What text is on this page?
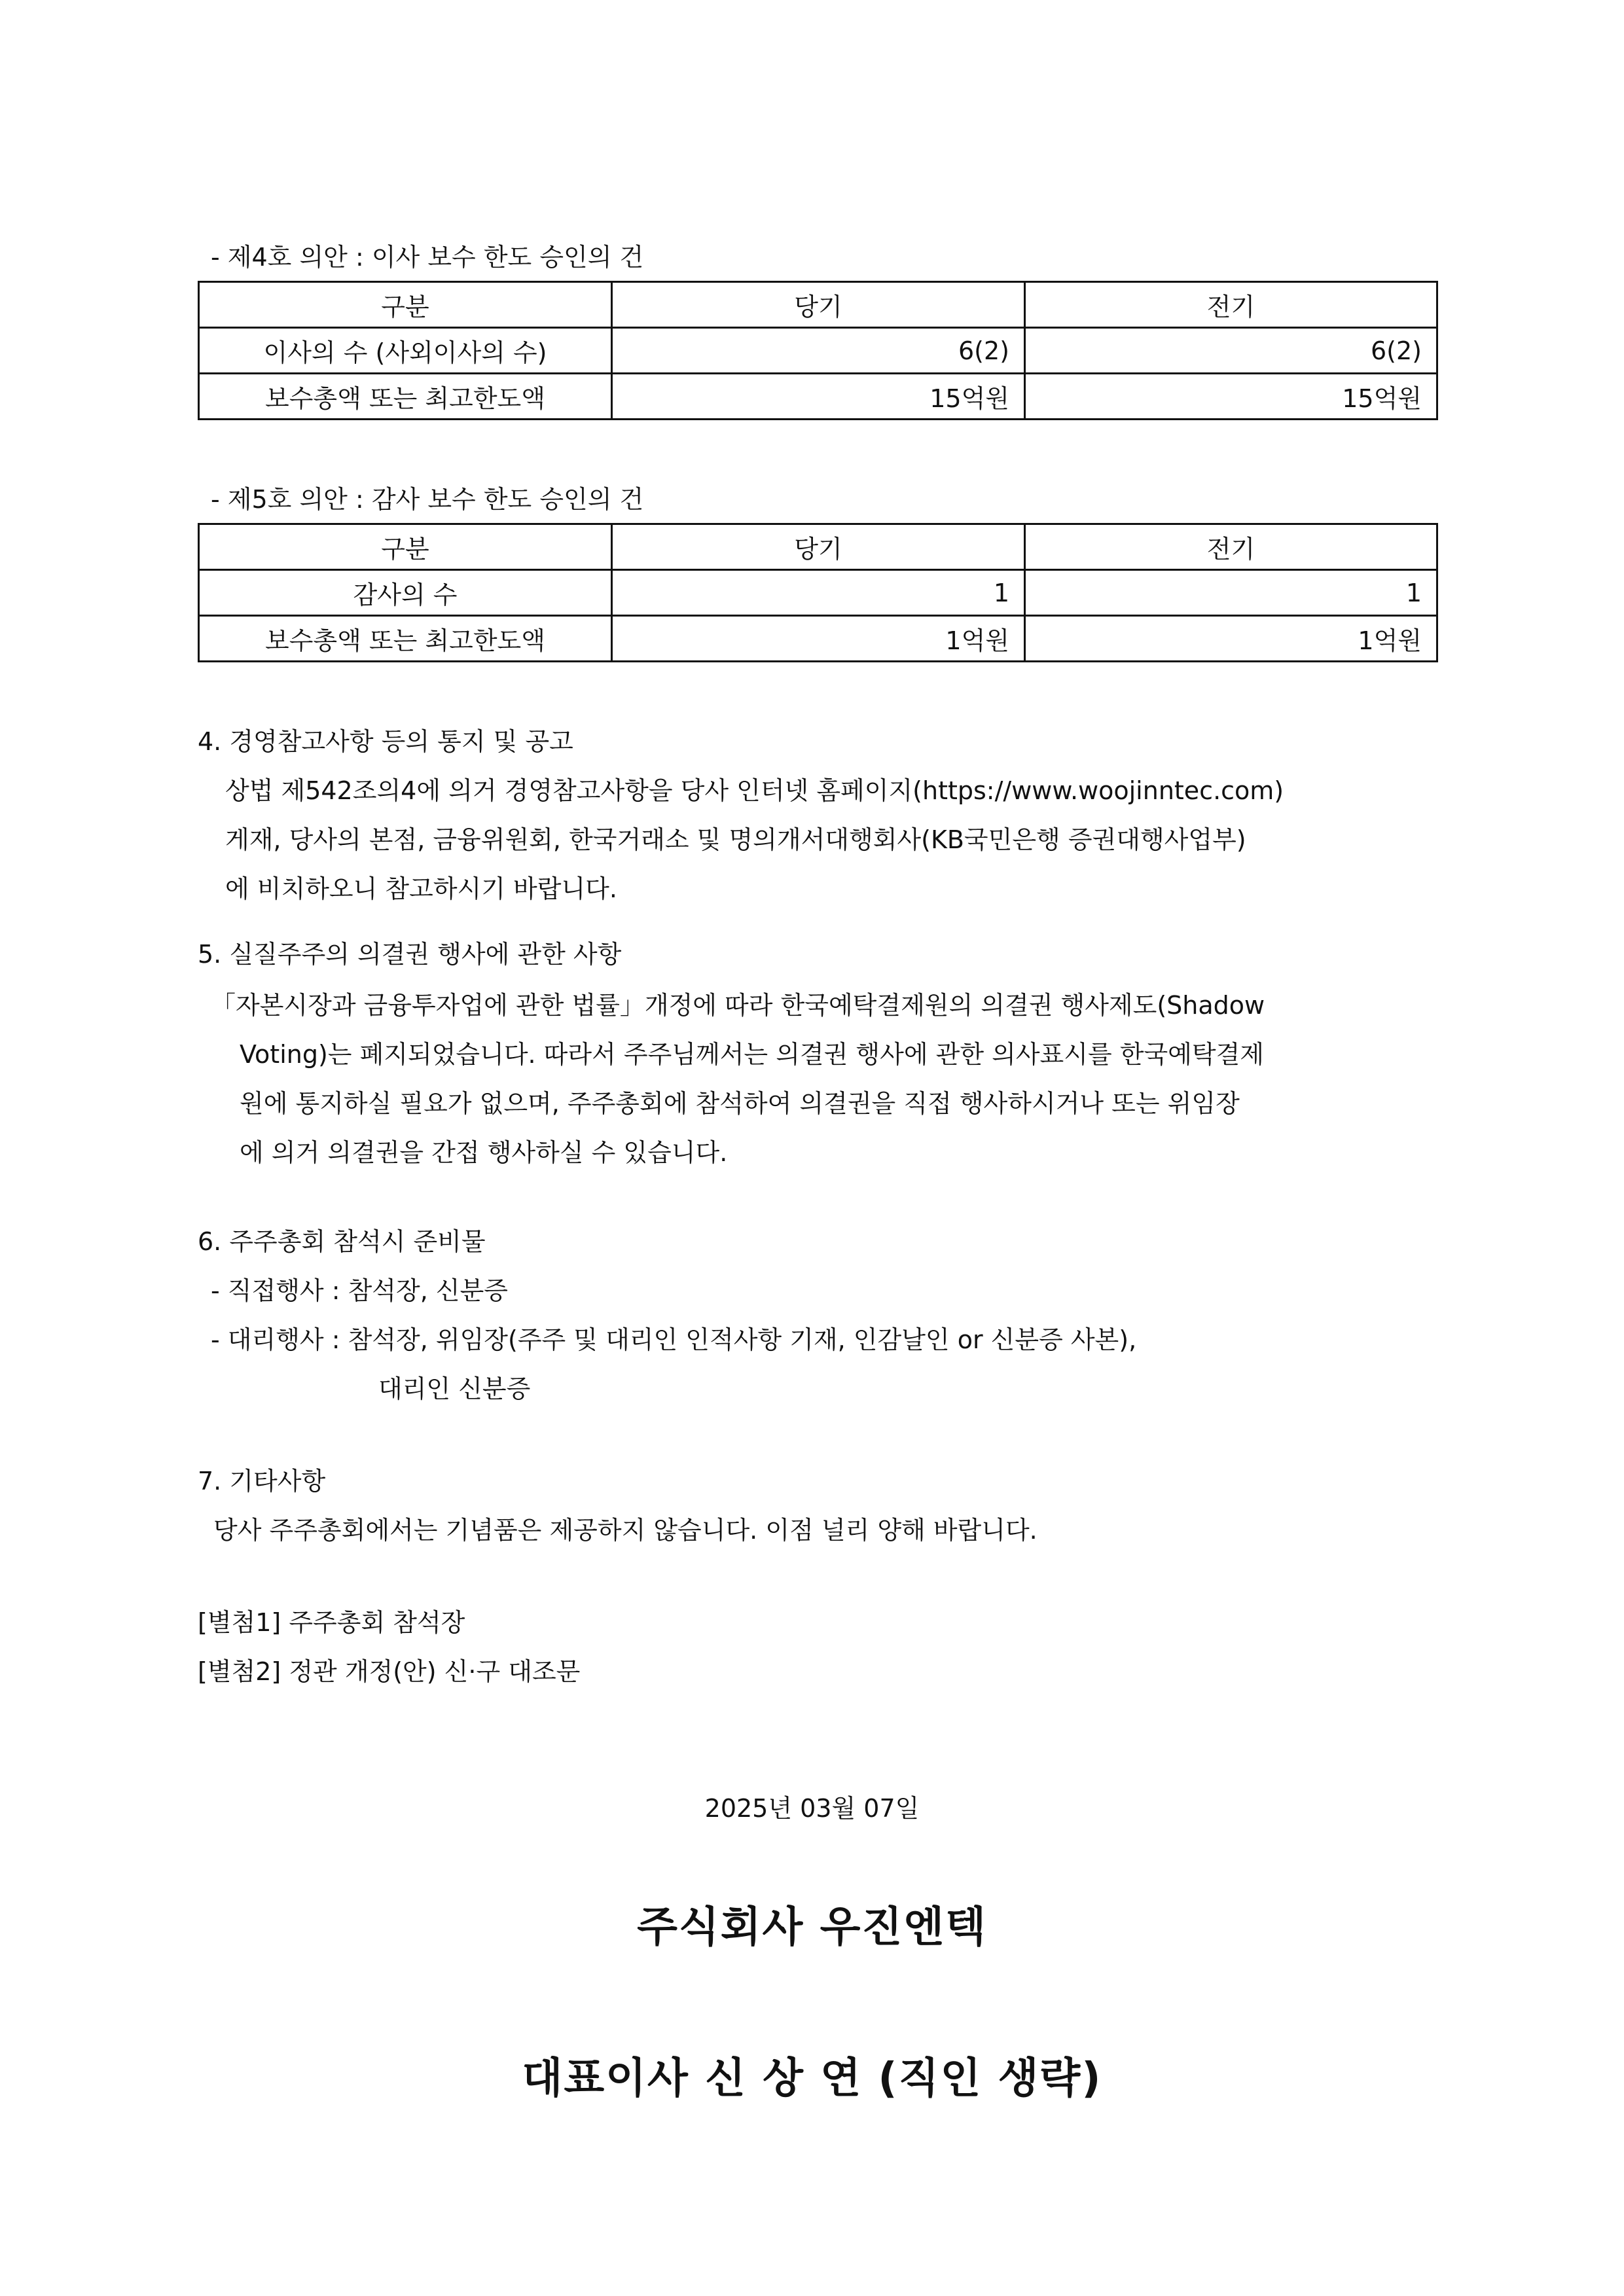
- 제4호 의안 : 이사 보수 한도 승인의 건
구분	당기	전기
이사의 수 (사외이사의 수)	6(2)	6(2)
보수총액 또는 최고한도액	15억원	15억원
- 제5호 의안 : 감사 보수 한도 승인의 건
구분	당기	전기
감사의 수	1	1
보수총액 또는 최고한도액	1억원	1억원
4. 경영참고사항 등의 통지 및 공고
상법 제542조의4에 의거 경영참고사항을 당사 인터넷 홈페이지(https://www.woojinntec.com)
게재, 당사의 본점, 금융위원회, 한국거래소 및 명의개서대행회사(KB국민은행 증권대행사업부)
에 비치하오니 참고하시기 바랍니다.
5. 실질주주의 의결권 행사에 관한 사항
「자본시장과 금융투자업에 관한 법률」개정에 따라 한국예탁결제원의 의결권 행사제도(Shadow
Voting)는 폐지되었습니다. 따라서 주주님께서는 의결권 행사에 관한 의사표시를 한국예탁결제
원에 통지하실 필요가 없으며, 주주총회에 참석하여 의결권을 직접 행사하시거나 또는 위임장
에 의거 의결권을 간접 행사하실 수 있습니다.
6. 주주총회 참석시 준비물
- 직접행사 : 참석장, 신분증
- 대리행사 : 참석장, 위임장(주주 및 대리인 인적사항 기재, 인감날인 or 신분증 사본),
대리인 신분증
7. 기타사항
당사 주주총회에서는 기념품은 제공하지 않습니다. 이점 널리 양해 바랍니다.
[별첨1] 주주총회 참석장
[별첨2] 정관 개정(안) 신·구 대조문
2025년 03월 07일
주식회사 우진엔텍
대표이사 신 상 연 (직인 생략)
